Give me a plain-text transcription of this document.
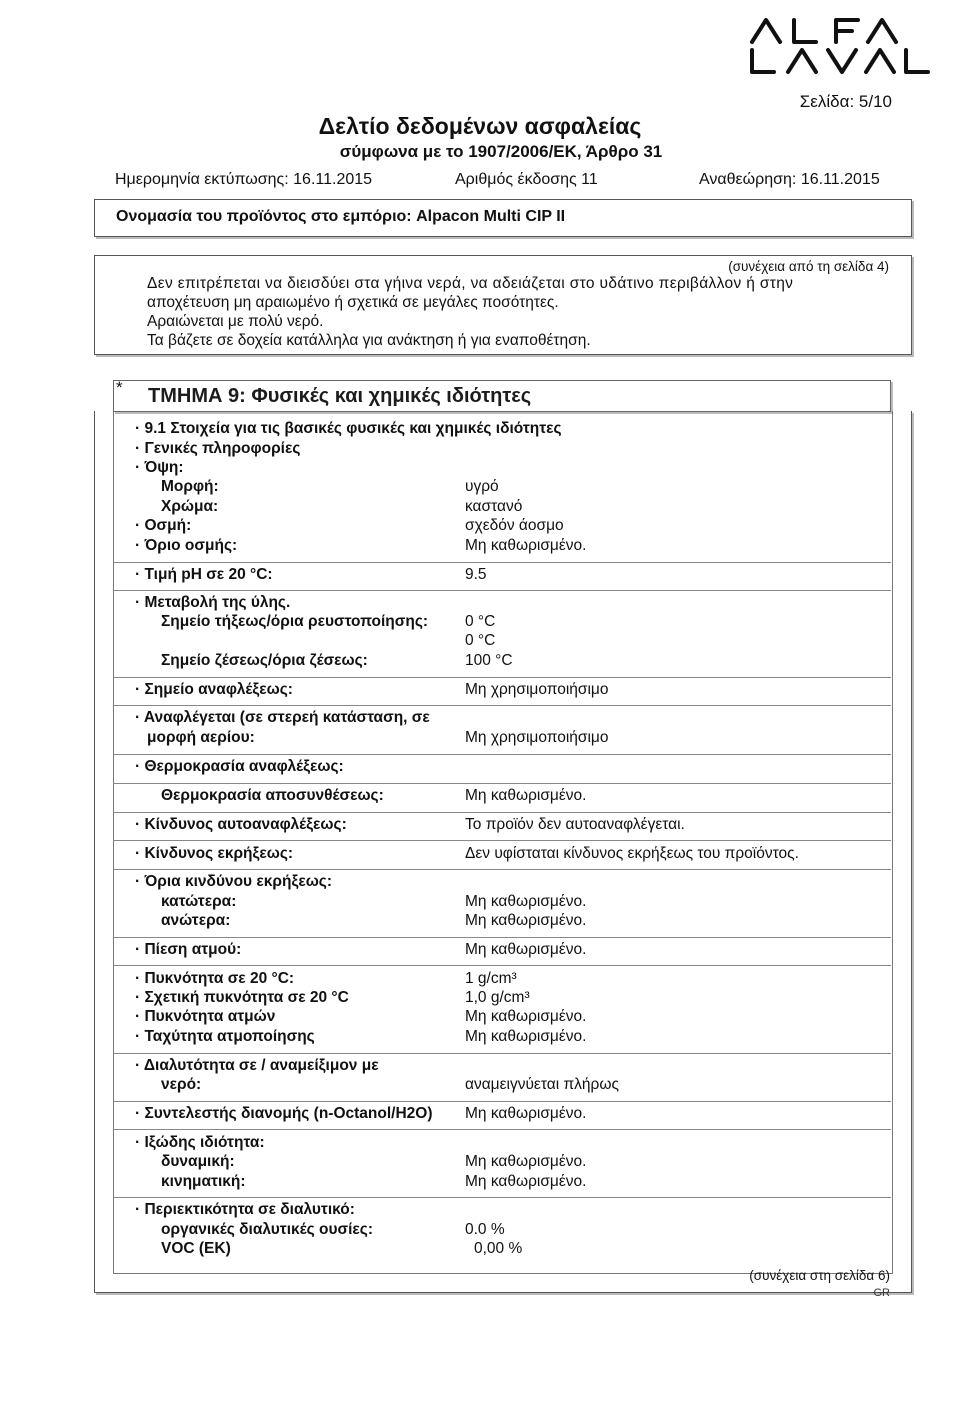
Σελίδα: 5/10
Δελτίο δεδομένων ασφαλείας
σύμφωνα με το 1907/2006/ΕΚ, Άρθρο 31
Ημερομηνία εκτύπωσης: 16.11.2015	Αριθμός έκδοσης 11	Αναθεώρηση: 16.11.2015
Ονομασία του προϊόντος στο εμπόριο: Alpacon Multi CIP II
(συνέχεια από τη σελίδα 4)
Δεν επιτρέπεται να διεισδύει στα γήινα νερά, να αδειάζεται στο υδάτινο περιβάλλον ή στην
αποχέτευση μη αραιωμένο ή σχετικά σε μεγάλες ποσότητες.
Αραιώνεται με πολύ νερό.
Τα βάζετε σε δοχεία κατάλληλα για ανάκτηση ή για εναποθέτηση.
* ΤΜΗΜΑ 9: Φυσικές και χημικές ιδιότητες
· 9.1 Στοιχεία για τις βασικές φυσικές και χημικές ιδιότητες
· Γενικές πληροφορίες
· Όψη:
Μορφή:	υγρό
Χρώμα:	καστανό
· Οσμή:	σχεδόν άοσμο
· Όριο οσμής:	Μη καθωρισμένο.
· Τιμή pH σε 20 °C:	9.5
· Μεταβολή της ύλης.
Σημείο τήξεως/όρια ρευστοποίησης: 0 °C
0 °C
Σημείο ζέσεως/όρια ζέσεως:	100 °C
· Σημείο αναφλέξεως:	Μη χρησιμοποιήσιμο
· Αναφλέγεται (σε στερεή κατάσταση, σε
μορφή αερίου:	Μη χρησιμοποιήσιμο
· Θερμοκρασία αναφλέξεως:
Θερμοκρασία αποσυνθέσεως:	Μη καθωρισμένο.
· Κίνδυνος αυτοαναφλέξεως:	Το προϊόν δεν αυτοαναφλέγεται.
· Κίνδυνος εκρήξεως:	Δεν υφίσταται κίνδυνος εκρήξεως του προϊόντος.
· Όρια κινδύνου εκρήξεως:
κατώτερα:	Μη καθωρισμένο.
ανώτερα:	Μη καθωρισμένο.
· Πίεση ατμού:	Μη καθωρισμένο.
· Πυκνότητα σε 20 °C:	1 g/cm³
· Σχετική πυκνότητα σε 20 °C	1,0 g/cm³
· Πυκνότητα ατμών	Μη καθωρισμένο.
· Ταχύτητα ατμοποίησης	Μη καθωρισμένο.
· Διαλυτότητα σε / αναμείξιμον με
νερό:	αναμειγνύεται πλήρως
· Συντελεστής διανομής (n-Octanol/H2O) Μη καθωρισμένο.
· Ιξώδης ιδιότητα:
δυναμική:	Μη καθωρισμένο.
κινηματική:	Μη καθωρισμένο.
· Περιεκτικότητα σε διαλυτικό:
οργανικές διαλυτικές ουσίες:	0.0 %
VOC (EK)	0,00 %
(συνέχεια στη σελίδα 6)
GR
